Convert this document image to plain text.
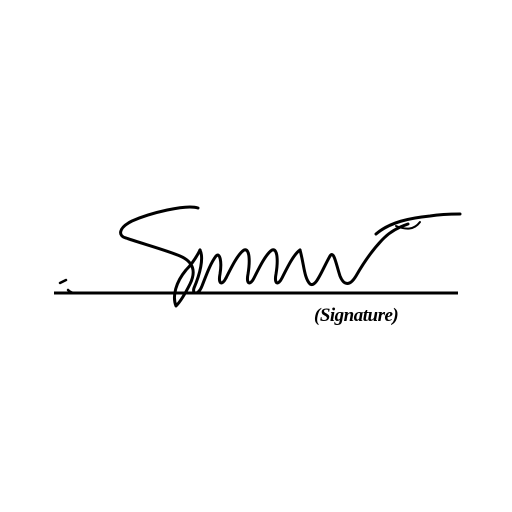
(Signature)
